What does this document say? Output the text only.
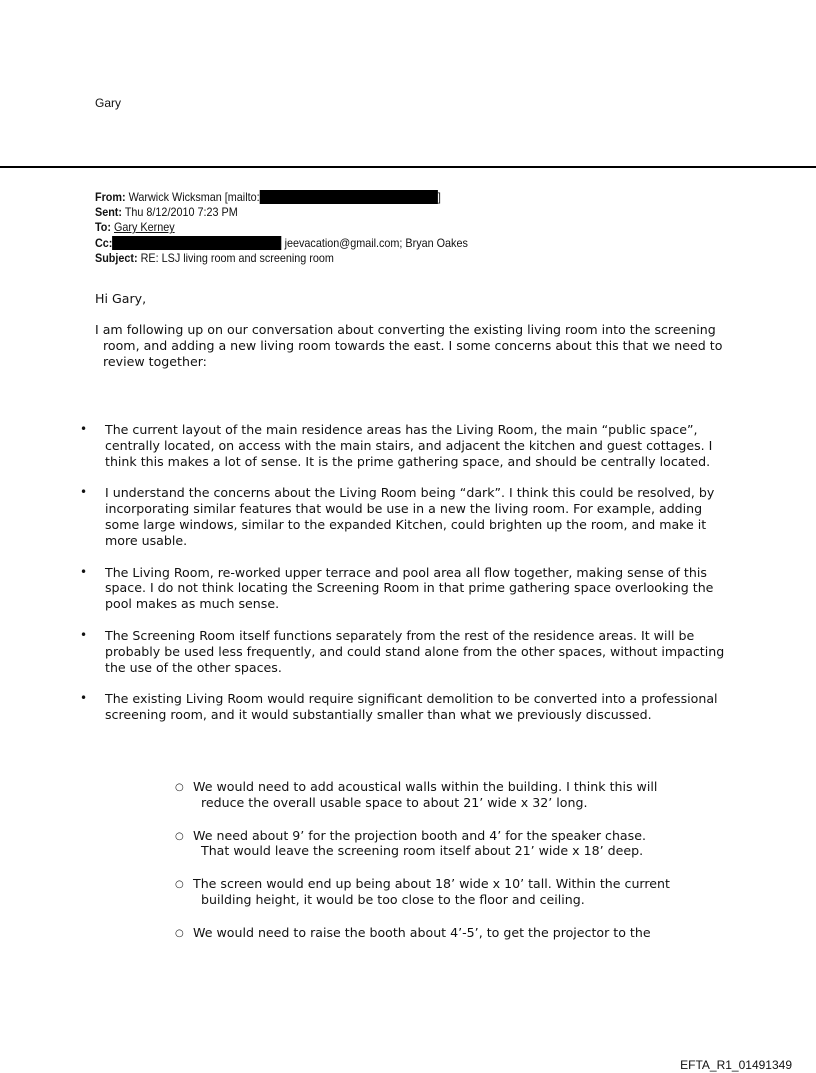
Gary
From: Warwick Wicksman [mailto:	]
Sent: Thu 8/12/2010 7:23 PM
To: Gary Kerney
Cc:	jeevacation@gmail.com; Bryan Oakes
Subject: RE: LSJ living room and screening room
Hi Gary,
I am following up on our conversation about converting the existing living room into the screening room, and adding a new living room towards the east. I some concerns about this that we need to review together:
• The current layout of the main residence areas has the Living Room, the main “public space”, centrally located, on access with the main stairs, and adjacent the kitchen and guest cottages. I think this makes a lot of sense. It is the prime gathering space, and should be centrally located.
• I understand the concerns about the Living Room being “dark”. I think this could be resolved, by incorporating similar features that would be use in a new the living room. For example, adding some large windows, similar to the expanded Kitchen, could brighten up the room, and make it more usable.
• The Living Room, re-worked upper terrace and pool area all flow together, making sense of this space. I do not think locating the Screening Room in that prime gathering space overlooking the pool makes as much sense.
• The Screening Room itself functions separately from the rest of the residence areas. It will be probably be used less frequently, and could stand alone from the other spaces, without impacting the use of the other spaces.
• The existing Living Room would require significant demolition to be converted into a professional screening room, and it would substantially smaller than what we previously discussed.
○ We would need to add acoustical walls within the building. I think this will
reduce the overall usable space to about 21’ wide x 32’ long.
○ We need about 9’ for the projection booth and 4’ for the speaker chase.
That would leave the screening room itself about 21’ wide x 18’ deep.
○ The screen would end up being about 18’ wide x 10’ tall. Within the current
building height, it would be too close to the floor and ceiling.
○ We would need to raise the booth about 4’-5’, to get the projector to the
EFTA_R1_01491349
